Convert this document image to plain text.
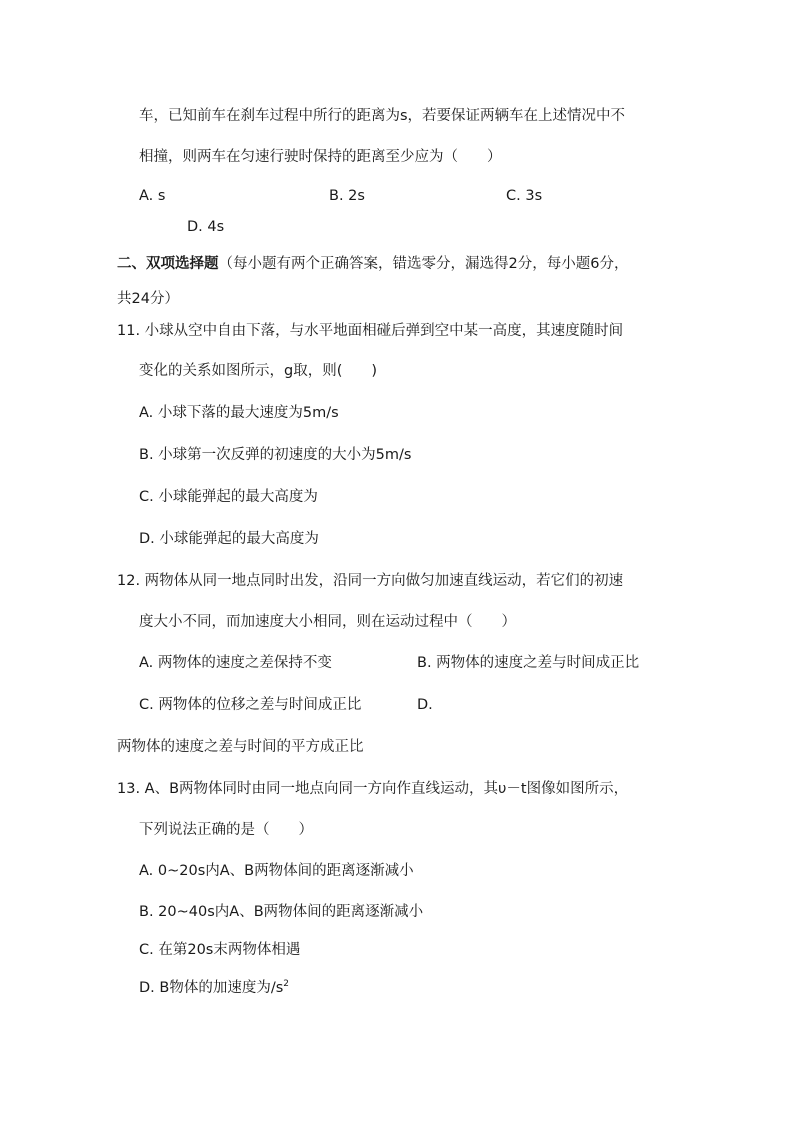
车，已知前车在刹车过程中所行的距离为s，若要保证两辆车在上述情况中不
相撞，则两车在匀速行驶时保持的距离至少应为（　　）
A. s	B. 2s	C. 3s
D. 4s
二、双项选择题（每小题有两个正确答案，错选零分，漏选得2分，每小题6分，
共24分）
11. 小球从空中自由下落，与水平地面相碰后弹到空中某一高度，其速度随时间
变化的关系如图所示，g取，则(　　)
A. 小球下落的最大速度为5m/s
B. 小球第一次反弹的初速度的大小为5m/s
C. 小球能弹起的最大高度为
D. 小球能弹起的最大高度为
12. 两物体从同一地点同时出发，沿同一方向做匀加速直线运动，若它们的初速
度大小不同，而加速度大小相同，则在运动过程中（　　）
A. 两物体的速度之差保持不变	B. 两物体的速度之差与时间成正比
C. 两物体的位移之差与时间成正比	D.
两物体的速度之差与时间的平方成正比
13. A、B两物体同时由同一地点向同一方向作直线运动，其υ－t图像如图所示，
下列说法正确的是（　　）
A. 0~20s内A、B两物体间的距离逐渐减小
B. 20~40s内A、B两物体间的距离逐渐减小
C. 在第20s末两物体相遇
D. B物体的加速度为$/s^2$
